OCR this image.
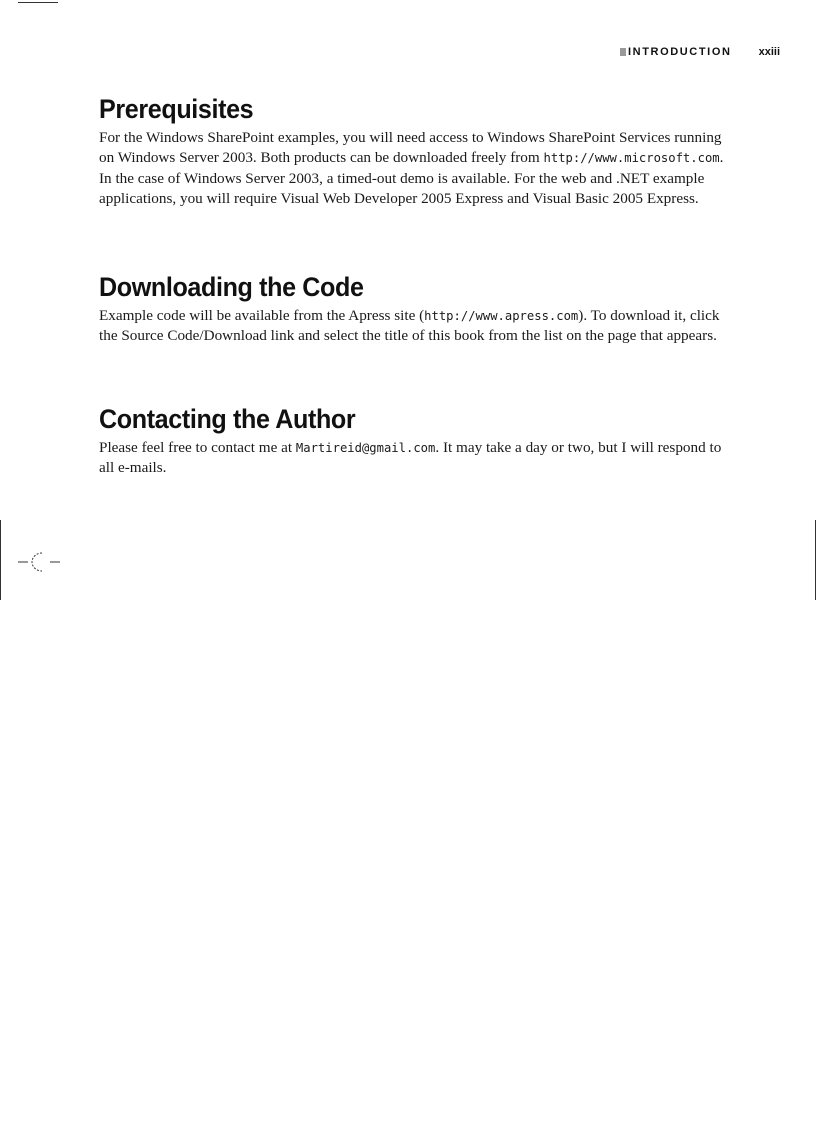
INTRODUCTION xxiii
Prerequisites

For the Windows SharePoint examples, you will need access to Windows SharePoint Services running on Windows Server 2003. Both products can be downloaded freely from http://www.microsoft.com. In the case of Windows Server 2003, a timed-out demo is available. For the web and .NET example applications, you will require Visual Web Developer 2005 Express and Visual Basic 2005 Express.

Downloading the Code

Example code will be available from the Apress site (http://www.apress.com). To download it, click the Source Code/Download link and select the title of this book from the list on the page that appears.

Contacting the Author

Please feel free to contact me at Martireid@gmail.com. It may take a day or two, but I will respond to all e-mails.
